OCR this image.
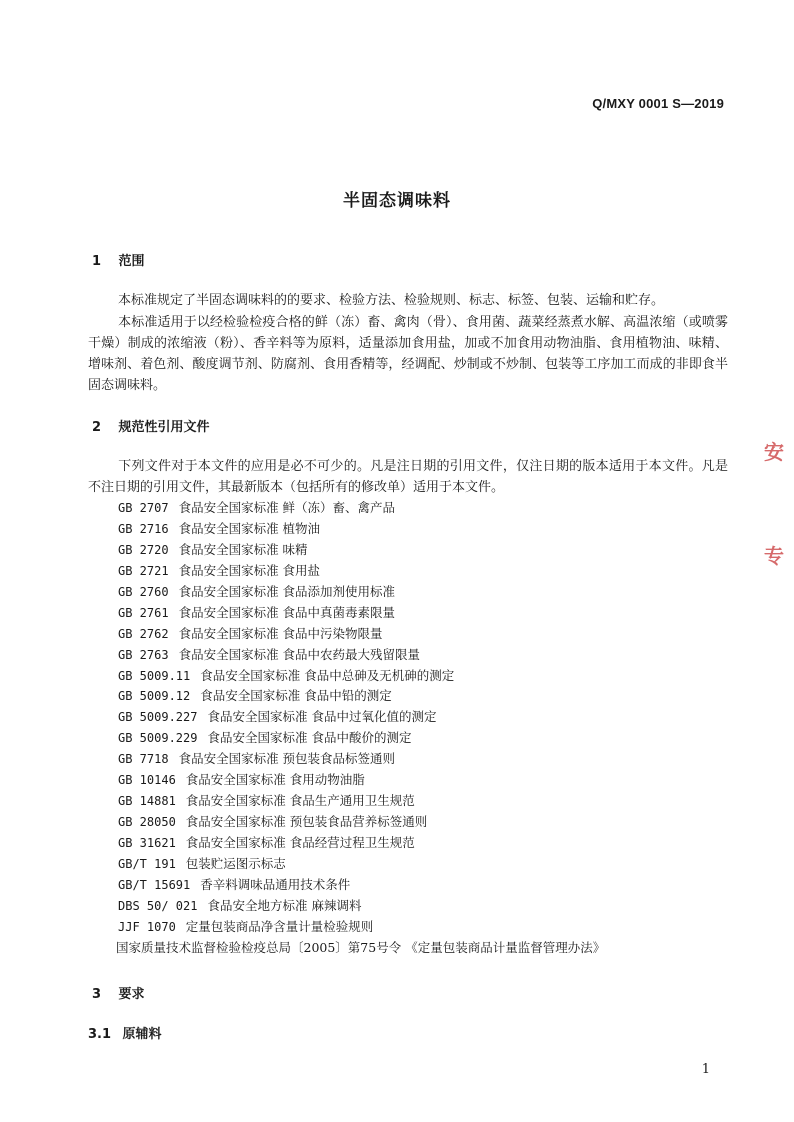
Q/MXY 0001 S—2019
半固态调味料
1 范围
本标准规定了半固态调味料的的要求、检验方法、检验规则、标志、标签、包装、运输和贮存。
本标准适用于以经检验检疫合格的鲜（冻）畜、禽肉（骨）、食用菌、蔬菜经蒸煮水解、高温浓缩（或喷雾干燥）制成的浓缩液（粉）、香辛料等为原料，适量添加食用盐，加或不加食用动物油脂、食用植物油、味精、增味剂、着色剂、酸度调节剂、防腐剂、食用香精等，经调配、炒制或不炒制、包装等工序加工而成的非即食半固态调味料。
2 规范性引用文件
下列文件对于本文件的应用是必不可少的。凡是注日期的引用文件，仅注日期的版本适用于本文件。凡是不注日期的引用文件，其最新版本（包括所有的修改单）适用于本文件。
GB 2707 食品安全国家标准 鲜（冻）畜、禽产品
GB 2716 食品安全国家标准 植物油
GB 2720 食品安全国家标准 味精
GB 2721 食品安全国家标准 食用盐
GB 2760 食品安全国家标准 食品添加剂使用标准
GB 2761 食品安全国家标准 食品中真菌毒素限量
GB 2762 食品安全国家标准 食品中污染物限量
GB 2763 食品安全国家标准 食品中农药最大残留限量
GB 5009.11 食品安全国家标准 食品中总砷及无机砷的测定
GB 5009.12 食品安全国家标准 食品中铅的测定
GB 5009.227 食品安全国家标准 食品中过氧化值的测定
GB 5009.229 食品安全国家标准 食品中酸价的测定
GB 7718 食品安全国家标准 预包装食品标签通则
GB 10146 食品安全国家标准 食用动物油脂
GB 14881 食品安全国家标准 食品生产通用卫生规范
GB 28050 食品安全国家标准 预包装食品营养标签通则
GB 31621 食品安全国家标准 食品经营过程卫生规范
GB/T 191 包装贮运图示标志
GB/T 15691 香辛料调味品通用技术条件
DBS 50/ 021 食品安全地方标准 麻辣调料
JJF 1070 定量包装商品净含量计量检验规则
国家质量技术监督检验检疫总局〔2005〕第75号令 《定量包装商品计量监督管理办法》
3 要求
3.1 原辅料
1
安
专
